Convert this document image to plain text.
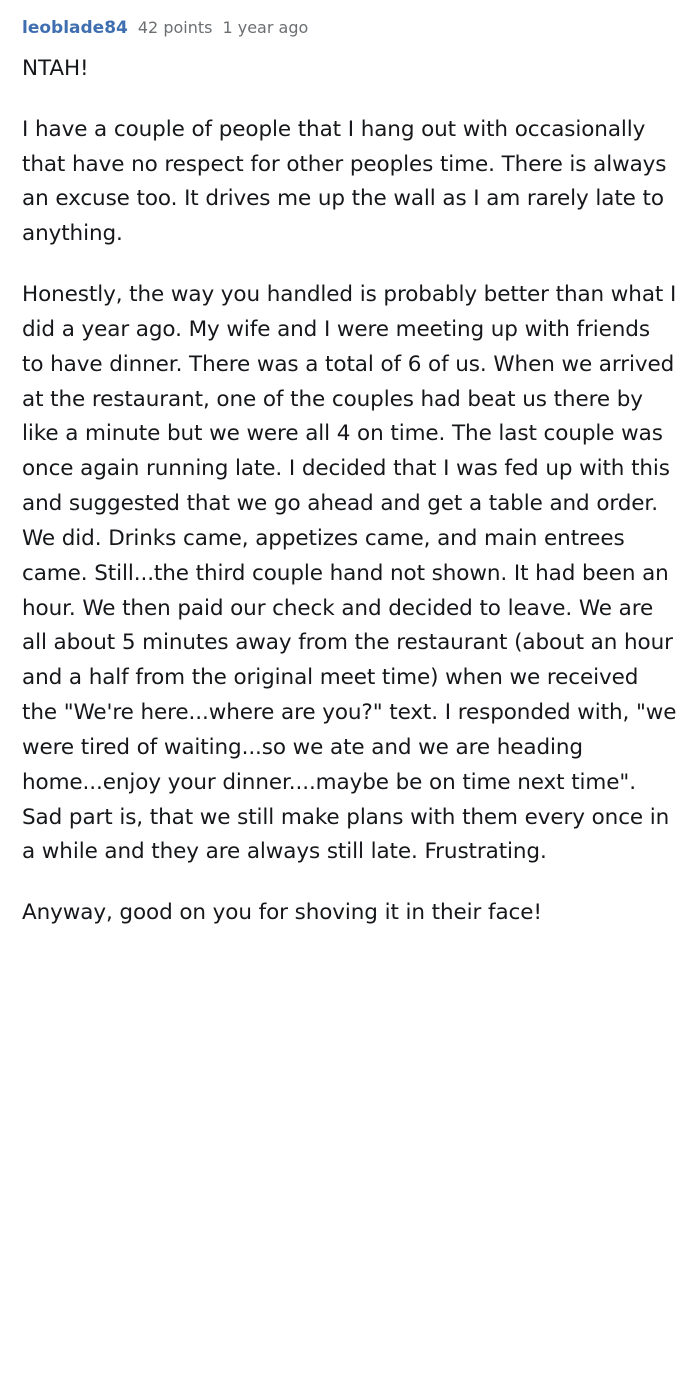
leoblade84 42 points 1 year ago

NTAH!

I have a couple of people that I hang out with occasionally that have no respect for other peoples time. There is always an excuse too. It drives me up the wall as I am rarely late to anything.

Honestly, the way you handled is probably better than what I did a year ago. My wife and I were meeting up with friends to have dinner. There was a total of 6 of us. When we arrived at the restaurant, one of the couples had beat us there by like a minute but we were all 4 on time. The last couple was once again running late. I decided that I was fed up with this and suggested that we go ahead and get a table and order. We did. Drinks came, appetizes came, and main entrees came. Still...the third couple hand not shown. It had been an hour. We then paid our check and decided to leave. We are all about 5 minutes away from the restaurant (about an hour and a half from the original meet time) when we received the "We're here...where are you?" text. I responded with, "we were tired of waiting...so we ate and we are heading home...enjoy your dinner....maybe be on time next time". Sad part is, that we still make plans with them every once in a while and they are always still late. Frustrating.

Anyway, good on you for shoving it in their face!
